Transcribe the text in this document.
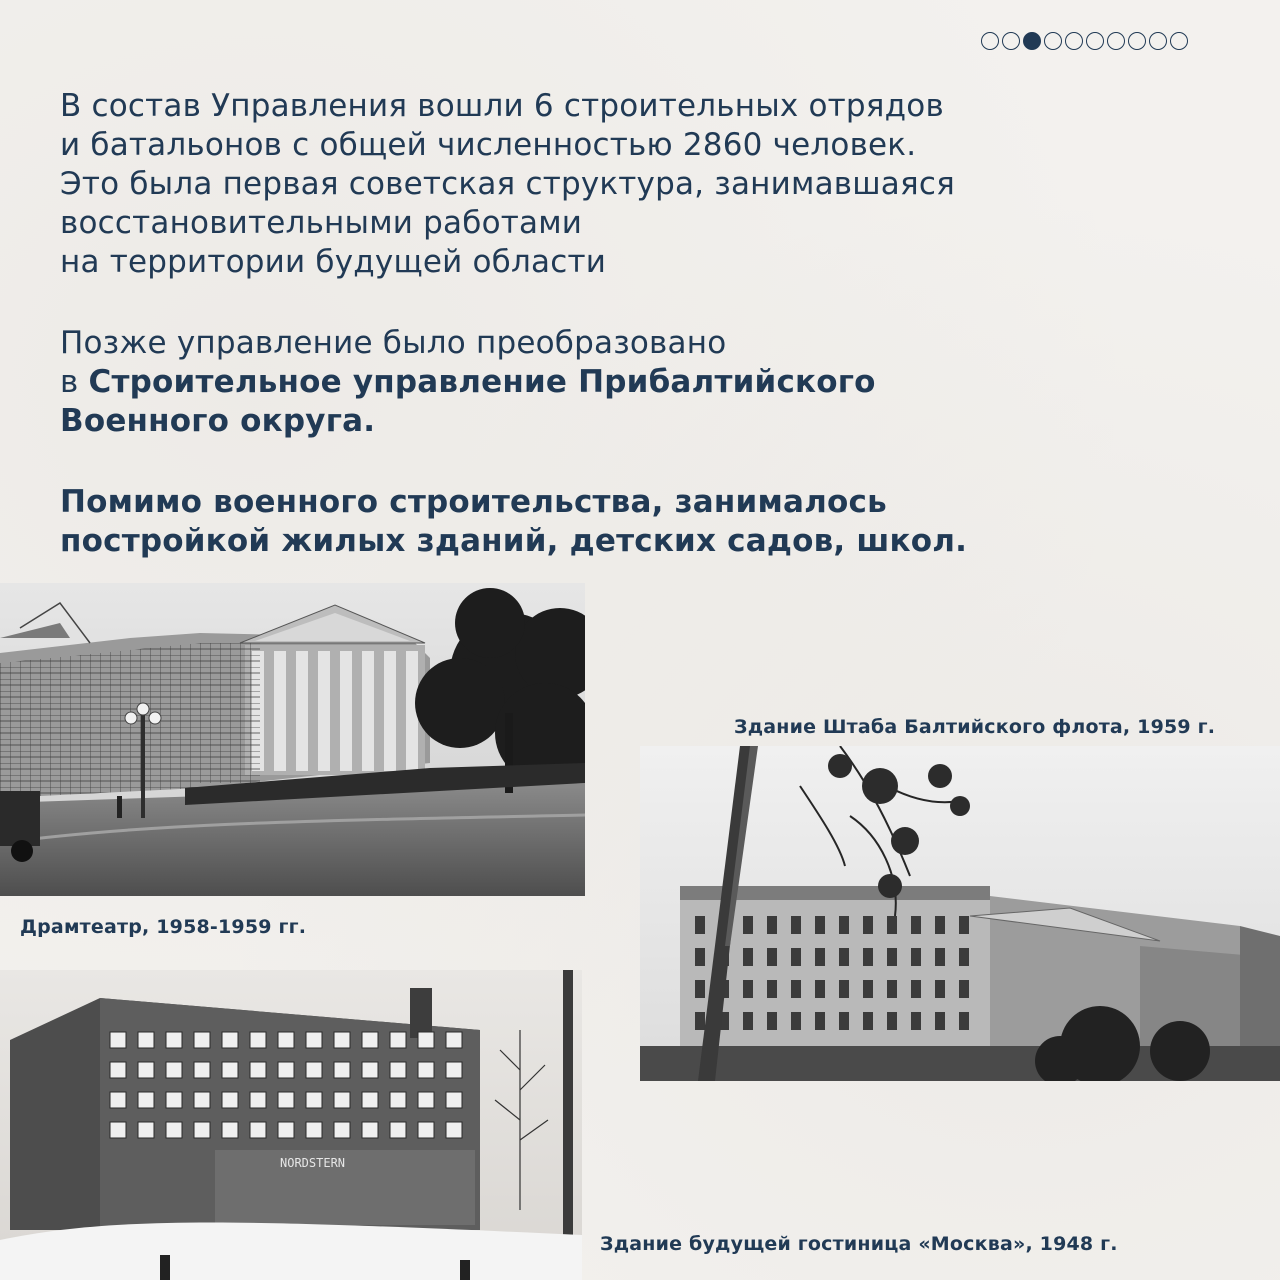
В состав Управления вошли 6 строительных отрядов
и батальонов с общей численностью 2860 человек.
Это была первая советская структура, занимавшаяся
восстановительными работами
на территории будущей области

Позже управление было преобразовано
в Строительное управление Прибалтийского
Военного округа.

Помимо военного строительства, занималось
постройкой жилых зданий, детских садов, школ.

Драмтеатр, 1958-1959 гг.
Здание Штаба Балтийского флота, 1959 г.
NORDSTERN
Здание будущей гостиница «Москва», 1948 г.
